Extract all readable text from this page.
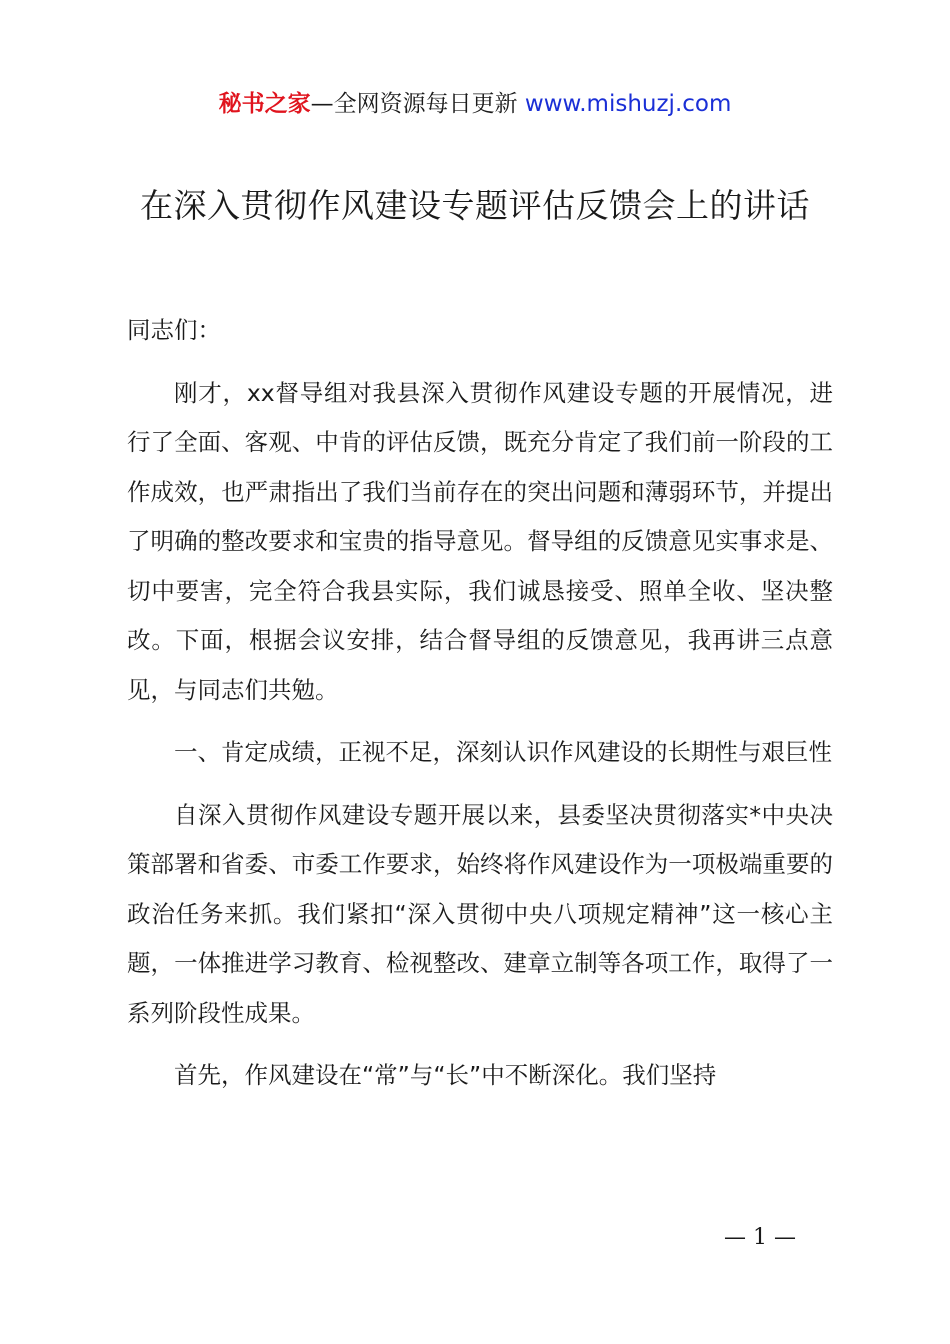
秘书之家—全网资源每日更新 www.mishuzj.com
在深入贯彻作风建设专题评估反馈会上的讲话

同志们：

刚才，xx督导组对我县深入贯彻作风建设专题的开展情况，进行了全面、客观、中肯的评估反馈，既充分肯定了我们前一阶段的工作成效，也严肃指出了我们当前存在的突出问题和薄弱环节，并提出了明确的整改要求和宝贵的指导意见。督导组的反馈意见实事求是、切中要害，完全符合我县实际，我们诚恳接受、照单全收、坚决整改。下面，根据会议安排，结合督导组的反馈意见，我再讲三点意见，与同志们共勉。

一、肯定成绩，正视不足，深刻认识作风建设的长期性与艰巨性

自深入贯彻作风建设专题开展以来，县委坚决贯彻落实*中央决策部署和省委、市委工作要求，始终将作风建设作为一项极端重要的政治任务来抓。我们紧扣“深入贯彻中央八项规定精神”这一核心主题，一体推进学习教育、检视整改、建章立制等各项工作，取得了一系列阶段性成果。

首先，作风建设在“常”与“长”中不断深化。我们坚持

— 1 —
